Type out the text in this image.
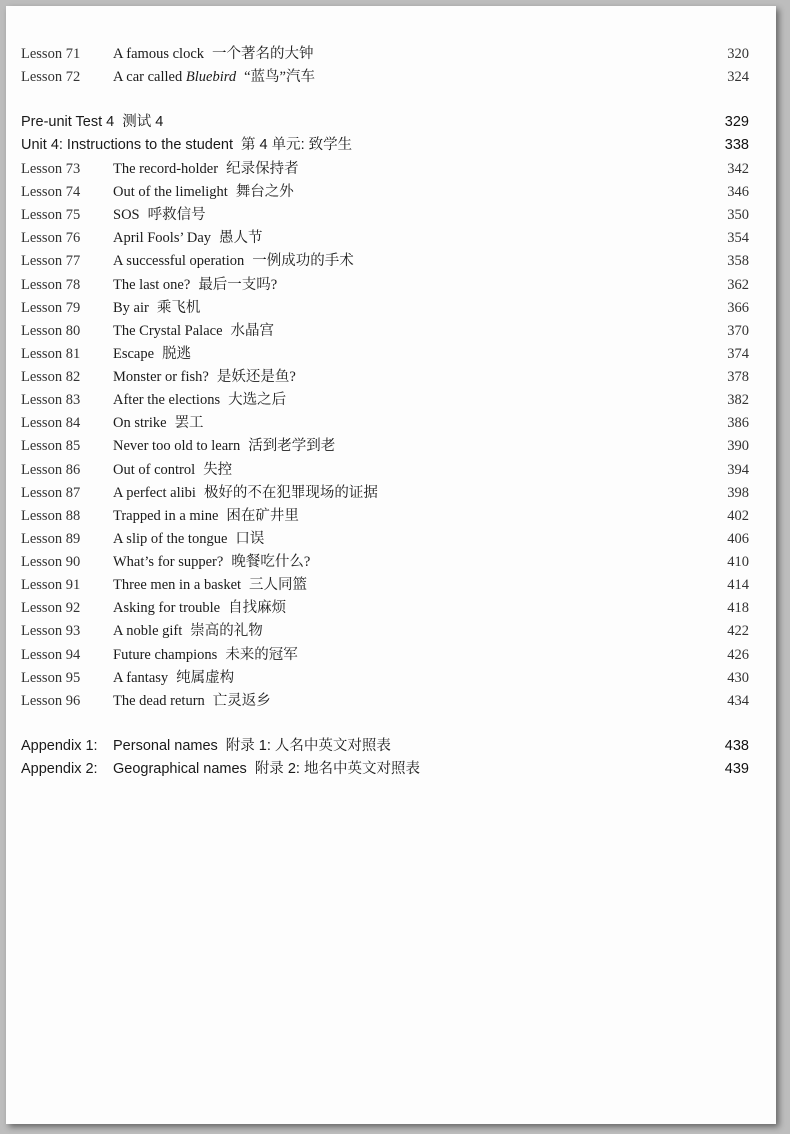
Lesson 71 A famous clock 一个著名的大钟	320
Lesson 72 A car called Bluebird “蓝鸟”汽车	324
Pre-unit Test 4 测试 4	329
Unit 4: Instructions to the student 第 4 单元: 致学生	338
Lesson 73 The record-holder 纪录保持者	342
Lesson 74 Out of the limelight 舞台之外	346
Lesson 75 SOS 呼救信号	350
Lesson 76 April Fools’ Day 愚人节	354
Lesson 77 A successful operation 一例成功的手术	358
Lesson 78 The last one? 最后一支吗?	362
Lesson 79 By air 乘飞机	366
Lesson 80 The Crystal Palace 水晶宫	370
Lesson 81 Escape 脱逃	374
Lesson 82 Monster or fish? 是妖还是鱼?	378
Lesson 83 After the elections 大选之后	382
Lesson 84 On strike 罢工	386
Lesson 85 Never too old to learn 活到老学到老	390
Lesson 86 Out of control 失控	394
Lesson 87 A perfect alibi 极好的不在犯罪现场的证据	398
Lesson 88 Trapped in a mine 困在矿井里	402
Lesson 89 A slip of the tongue 口误	406
Lesson 90 What’s for supper? 晚餐吃什么?	410
Lesson 91 Three men in a basket 三人同篮	414
Lesson 92 Asking for trouble 自找麻烦	418
Lesson 93 A noble gift 崇高的礼物	422
Lesson 94 Future champions 未来的冠军	426
Lesson 95 A fantasy 纯属虚构	430
Lesson 96 The dead return 亡灵返乡	434
Appendix 1: Personal names 附录 1: 人名中英文对照表	438
Appendix 2: Geographical names 附录 2: 地名中英文对照表	439
